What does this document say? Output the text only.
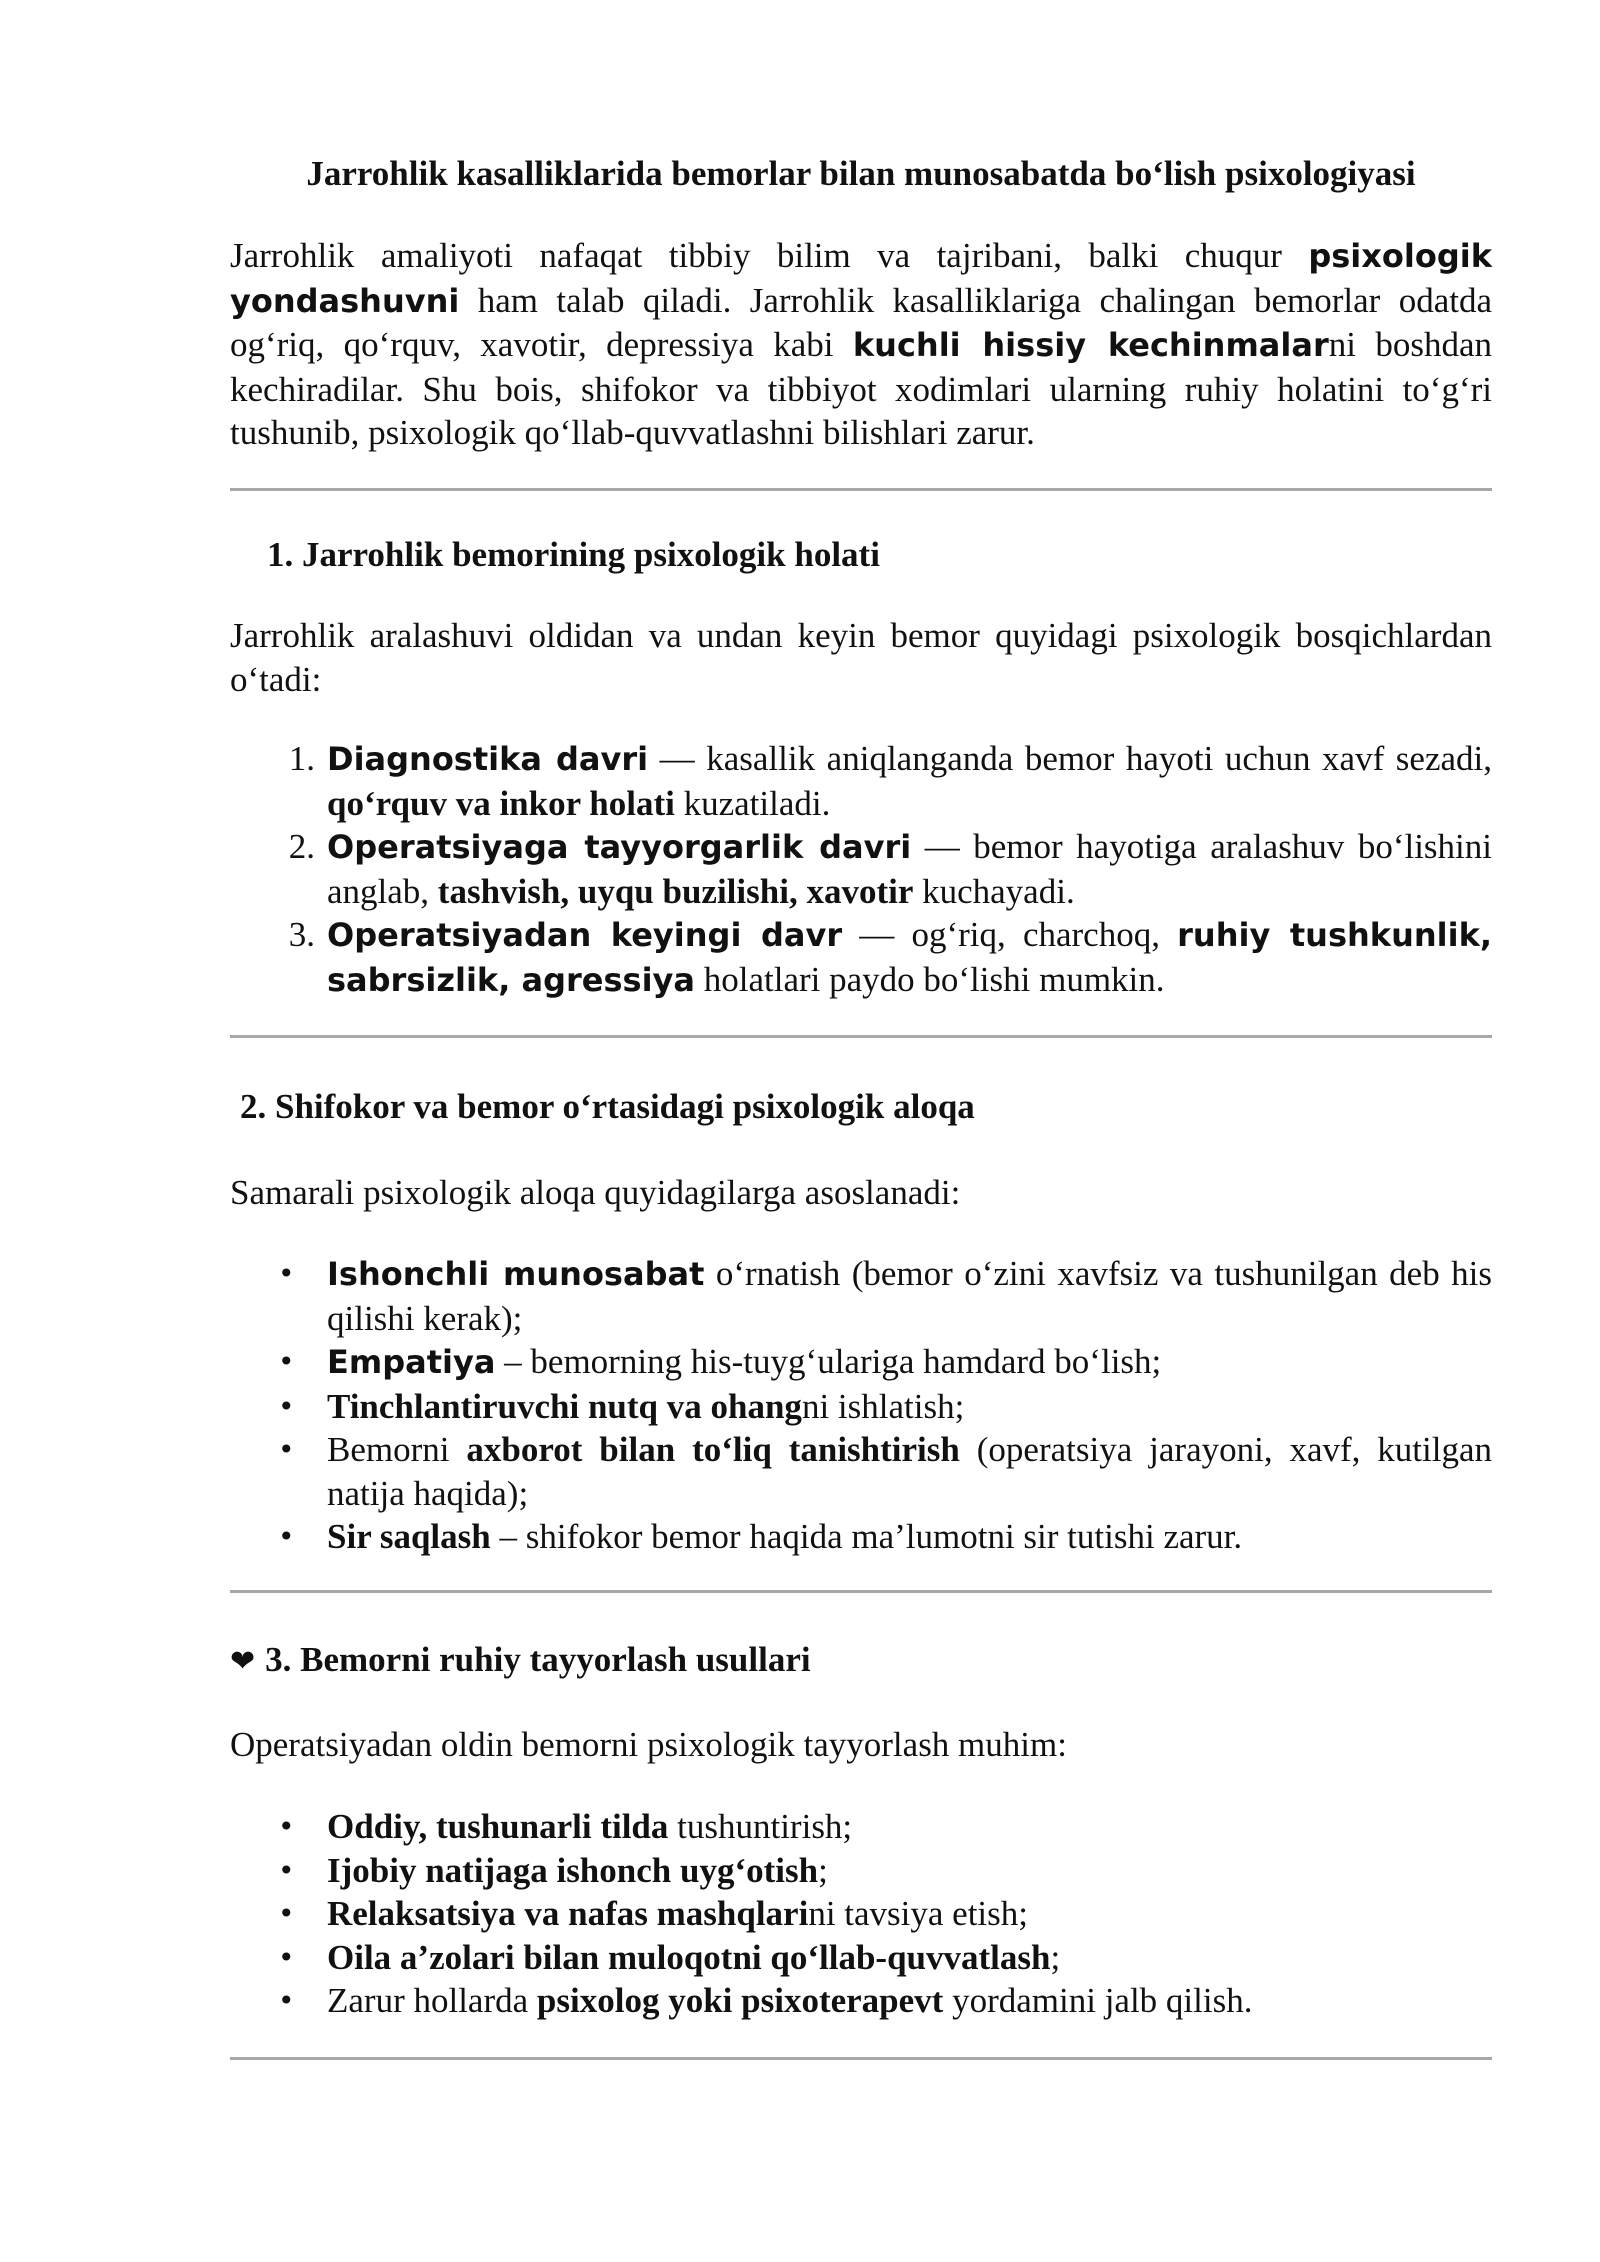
Jarrohlik kasalliklarida bemorlar bilan munosabatda bo‘lish psixologiyasi

Jarrohlik amaliyoti nafaqat tibbiy bilim va tajribani, balki chuqur psixologik yondashuvni ham talab qiladi. Jarrohlik kasalliklariga chalingan bemorlar odatda og‘riq, qo‘rquv, xavotir, depressiya kabi kuchli hissiy kechinmalarni boshdan kechiradilar. Shu bois, shifokor va tibbiyot xodimlari ularning ruhiy holatini to‘g‘ri tushunib, psixologik qo‘llab-quvvatlashni bilishlari zarur.

1. Jarrohlik bemorining psixologik holati

Jarrohlik aralashuvi oldidan va undan keyin bemor quyidagi psixologik bosqichlardan o‘tadi:

1. Diagnostika davri — kasallik aniqlanganda bemor hayoti uchun xavf sezadi, qo‘rquv va inkor holati kuzatiladi.
2. Operatsiyaga tayyorgarlik davri — bemor hayotiga aralashuv bo‘lishini anglab, tashvish, uyqu buzilishi, xavotir kuchayadi.
3. Operatsiyadan keyingi davr — og‘riq, charchoq, ruhiy tushkunlik, sabrsizlik, agressiya holatlari paydo bo‘lishi mumkin.
2. Shifokor va bemor o‘rtasidagi psixologik aloqa

Samarali psixologik aloqa quyidagilarga asoslanadi:

• Ishonchli munosabat o‘rnatish (bemor o‘zini xavfsiz va tushunilgan deb his qilishi kerak);
• Empatiya – bemorning his-tuyg‘ulariga hamdard bo‘lish;
• Tinchlantiruvchi nutq va ohangni ishlatish;
• Bemorni axborot bilan to‘liq tanishtirish (operatsiya jarayoni, xavf, kutilgan natija haqida);
• Sir saqlash – shifokor bemor haqida ma’lumotni sir tutishi zarur.
❤ 3. Bemorni ruhiy tayyorlash usullari

Operatsiyadan oldin bemorni psixologik tayyorlash muhim:

• Oddiy, tushunarli tilda tushuntirish;
• Ijobiy natijaga ishonch uyg‘otish;
• Relaksatsiya va nafas mashqlarini tavsiya etish;
• Oila a’zolari bilan muloqotni qo‘llab-quvvatlash;
• Zarur hollarda psixolog yoki psixoterapevt yordamini jalb qilish.
